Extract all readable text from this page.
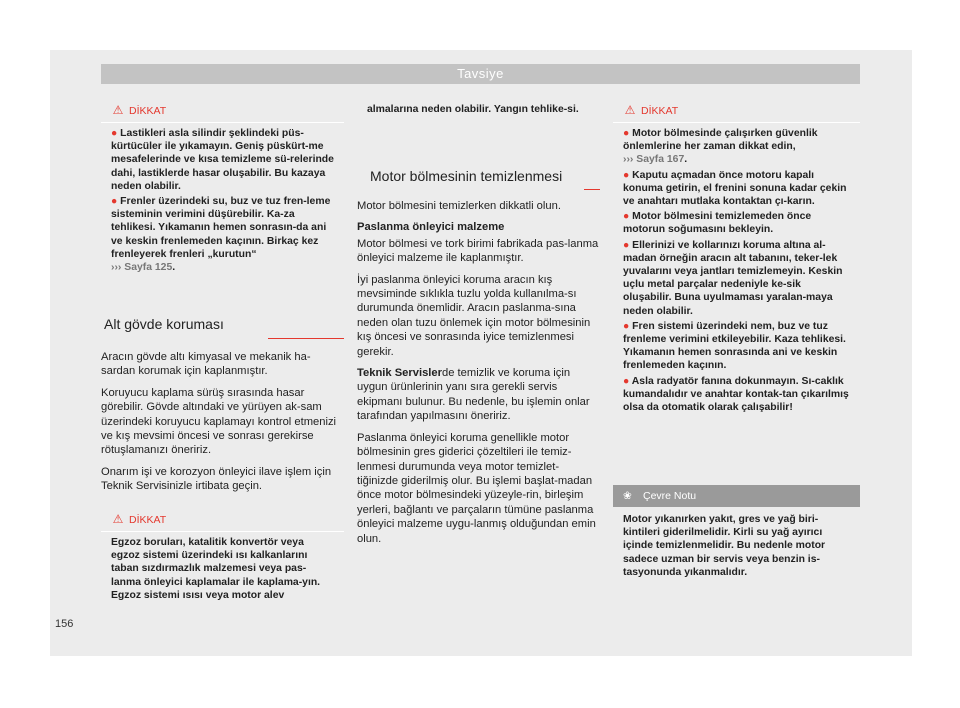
Tavsiye
⚠ DİKKAT

● Lastikleri asla silindir şeklindeki püs-kürtücüler ile yıkamayın. Geniş püskürt-me mesafelerinde ve kısa temizleme sü-relerinde dahi, lastiklerde hasar oluşabilir. Bu kazaya neden olabilir.

● Frenler üzerindeki su, buz ve tuz fren-leme sisteminin verimini düşürebilir. Ka-za tehlikesi. Yıkamanın hemen sonrasın-da ani ve keskin frenlemeden kaçının. Birkaç kez frenleyerek frenleri „kurutun“
››› Sayfa 125.

Alt gövde koruması

Aracın gövde altı kimyasal ve mekanik ha-sardan korumak için kaplanmıştır.

Koruyucu kaplama sürüş sırasında hasar görebilir. Gövde altındaki ve yürüyen ak-sam üzerindeki koruyucu kaplamayı kontrol etmenizi ve kış mevsimi öncesi ve sonrası gerekirse rötuşlamanızı öneririz.

Onarım işi ve korozyon önleyici ilave işlem için Teknik Servisinizle irtibata geçin.

⚠ DİKKAT

Egzoz boruları, katalitik konvertör veya egzoz sistemi üzerindeki ısı kalkanlarını taban sızdırmazlık malzemesi veya pas-lanma önleyici kaplamalar ile kaplama-yın. Egzoz sistemi ısısı veya motor alev

almalarına neden olabilir. Yangın tehlike-si.

Motor bölmesinin temizlenmesi

Motor bölmesini temizlerken dikkatli olun.

Paslanma önleyici malzeme

Motor bölmesi ve tork birimi fabrikada pas-lanma önleyici malzeme ile kaplanmıştır.

İyi paslanma önleyici koruma aracın kış mevsiminde sıklıkla tuzlu yolda kullanılma-sı durumunda önemlidir. Aracın paslanma-sına neden olan tuzu önlemek için motor bölmesinin kış öncesi ve sonrasında iyice temizlenmesi gerekir.

Teknik Servislerde temizlik ve koruma için uygun ürünlerinin yanı sıra gerekli servis ekipmanı bulunur. Bu nedenle, bu işlemin onlar tarafından yapılmasını öneririz.

Paslanma önleyici koruma genellikle motor bölmesinin gres giderici çözeltileri ile temiz-lenmesi durumunda veya motor temizlet-tiğinizde giderilmiş olur. Bu işlemi başlat-madan önce motor bölmesindeki yüzeyle-rin, birleşim yerleri, bağlantı ve parçaların tümüne paslanma önleyici malzeme uygu-lanmış olduğundan emin olun.

⚠ DİKKAT

● Motor bölmesinde çalışırken güvenlik önlemlerine her zaman dikkat edin,
››› Sayfa 167.

● Kaputu açmadan önce motoru kapalı konuma getirin, el frenini sonuna kadar çekin ve anahtarı mutlaka kontaktan çı-karın.

● Motor bölmesini temizlemeden önce motorun soğumasını bekleyin.

● Ellerinizi ve kollarınızı koruma altına al-madan örneğin aracın alt tabanını, teker-lek yuvalarını veya jantları temizlemeyin. Keskin uçlu metal parçalar nedeniyle ke-sik oluşabilir. Buna uyulmaması yaralan-maya neden olabilir.

● Fren sistemi üzerindeki nem, buz ve tuz frenleme verimini etkileyebilir. Kaza tehlikesi. Yıkamanın hemen sonrasında ani ve keskin frenlemeden kaçının.

● Asla radyatör fanına dokunmayın. Sı-caklık kumandalıdır ve anahtar kontak-tan çıkarılmış olsa da otomatik olarak çalışabilir!

❀ Çevre Notu

Motor yıkanırken yakıt, gres ve yağ biri-kintileri giderilmelidir. Kirli su yağ ayırıcı içinde temizlenmelidir. Bu nedenle motor sadece uzman bir servis veya benzin is-tasyonunda yıkanmalıdır.

156
